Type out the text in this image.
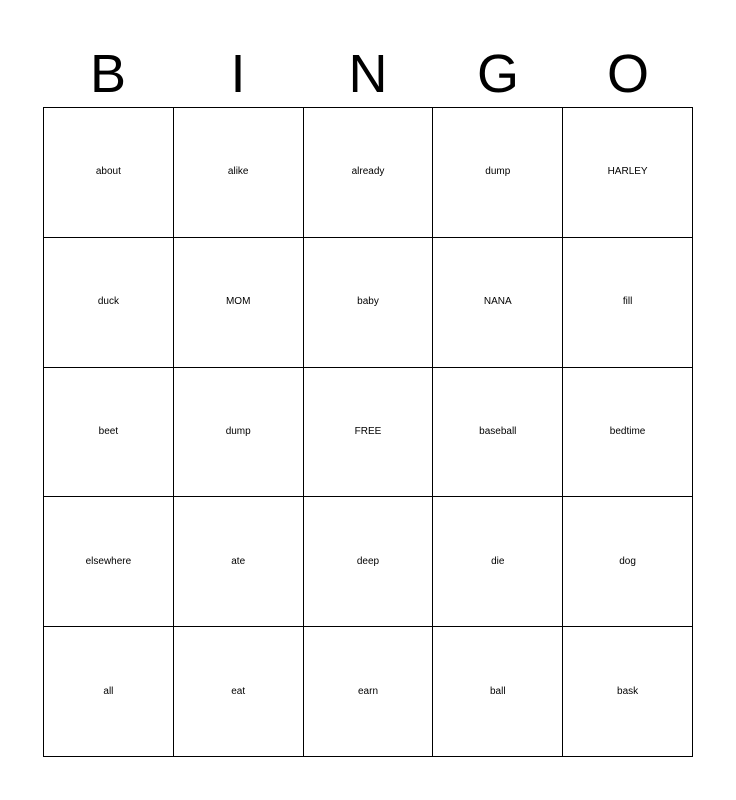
B	I	N	G	O
about	alike	already	dump	HARLEY
duck	MOM	baby	NANA	fill
beet	dump	FREE	baseball	bedtime
elsewhere	ate	deep	die	dog
all	eat	earn	ball	bask
